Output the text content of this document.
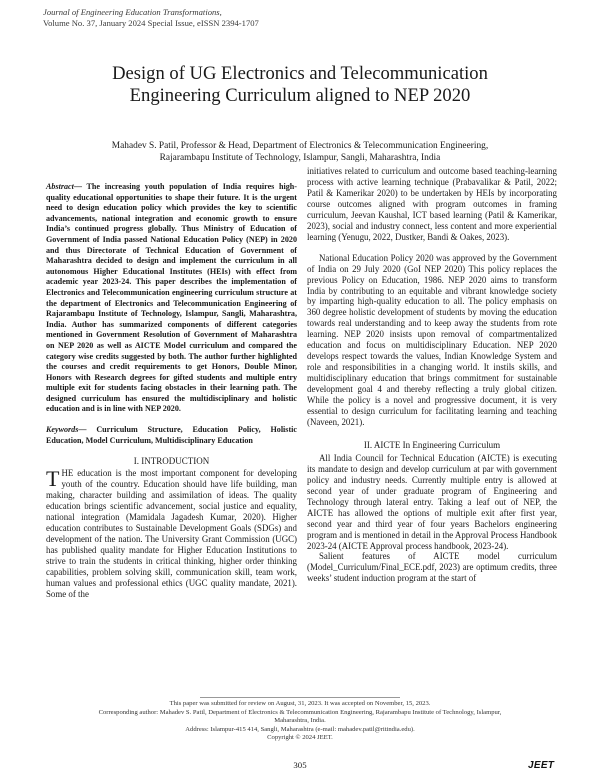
Journal of Engineering Education Transformations,
Volume No. 37, January 2024 Special Issue, eISSN 2394-1707
Design of UG Electronics and Telecommunication
Engineering Curriculum aligned to NEP 2020
Mahadev S. Patil, Professor & Head, Department of Electronics & Telecommunication Engineering,
Rajarambapu Institute of Technology, Islampur, Sangli, Maharashtra, India

Abstract— The increasing youth population of India requires high-quality educational opportunities to shape their future. It is the urgent need to design education policy which provides the key to scientific advancements, national integration and economic growth to ensure India’s continued progress globally. Thus Ministry of Education of Government of India passed National Education Policy (NEP) in 2020 and thus Directorate of Technical Education of Government of Maharashtra decided to design and implement the curriculum in all autonomous Higher Educational Institutes (HEIs) with effect from academic year 2023-24. This paper describes the implementation of Electronics and Telecommunication engineering curriculum structure at the department of Electronics and Telecommunication Engineering of Rajarambapu Institute of Technology, Islampur, Sangli, Maharashtra, India. Author has summarized components of different categories mentioned in Government Resolution of Government of Maharashtra on NEP 2020 as well as AICTE Model curriculum and compared the category wise credits suggested by both. The author further highlighted the courses and credit requirements to get Honors, Double Minor, Honors with Research degrees for gifted students and multiple entry multiple exit for students facing obstacles in their learning path. The designed curriculum has ensured the multidisciplinary and holistic education and is in line with NEP 2020.

Keywords— Curriculum Structure, Education Policy, Holistic Education, Model Curriculum, Multidisciplinary Education

I. INTRODUCTION

THE education is the most important component for developing youth of the country. Education should have life building, man making, character building and assimilation of ideas. The quality education brings scientific advancement, social justice and equality, national integration (Mamidala Jagadesh Kumar, 2020). Higher education contributes to Sustainable Development Goals (SDGs) and development of the nation. The University Grant Commission (UGC) has published quality mandate for Higher Education Institutions to strive to train the students in critical thinking, higher order thinking capabilities, problem solving skill, communication skill, team work, human values and professional ethics (UGC quality mandate, 2021). Some of the

initiatives related to curriculum and outcome based teaching-learning process with active learning technique (Prabavalikar & Patil, 2022; Patil & Kamerikar 2020) to be undertaken by HEIs by incorporating course outcomes aligned with program outcomes in framing curriculum, Jeevan Kaushal, ICT based learning (Patil & Kamerikar, 2023), social and industry connect, less content and more experiential learning (Yenugu, 2022, Dustker, Bandi & Oakes, 2023).

National Education Policy 2020 was approved by the Government of India on 29 July 2020 (GoI NEP 2020) This policy replaces the previous Policy on Education, 1986. NEP 2020 aims to transform India by contributing to an equitable and vibrant knowledge society by imparting high-quality education to all. The policy emphasis on 360 degree holistic development of students by moving the education towards real understanding and to keep away the students from rote learning. NEP 2020 insists upon removal of compartmentalized education and focus on multidisciplinary Education. NEP 2020 develops respect towards the values, Indian Knowledge System and role and responsibilities in a changing world. It instils skills, and multidisciplinary education that brings commitment for sustainable development goal 4 and thereby reflecting a truly global citizen. While the policy is a novel and progressive document, it is very essential to design curriculum for facilitating learning and teaching (Naveen, 2021).

II. AICTE In Engineering Curriculum

All India Council for Technical Education (AICTE) is executing its mandate to design and develop curriculum at par with government policy and industry needs. Currently multiple entry is allowed at second year of under graduate program of Engineering and Technology through lateral entry. Taking a leaf out of NEP, the AICTE has allowed the options of multiple exit after first year, second year and third year of four years Bachelors engineering program and is mentioned in detail in the Approval Process Handbook 2023-24 (AICTE Approval process handbook, 2023-24).

Salient features of AICTE model curriculum (Model_Curriculum/Final_ECE.pdf, 2023) are optimum credits, three weeks’ student induction program at the start of

This paper was submitted for review on August, 31, 2023. It was accepted on November, 15, 2023.
Corresponding author: Mahadev S. Patil, Department of Electronics & Telecommunication Engineering, Rajarambapu Institute of Technology, Islampur,
Maharashtra, India.
Address: Islampur-415 414, Sangli, Maharashtra (e-mail: mahadev.patil@ritindia.edu).
Copyright © 2024 JEET.
305	JEET
